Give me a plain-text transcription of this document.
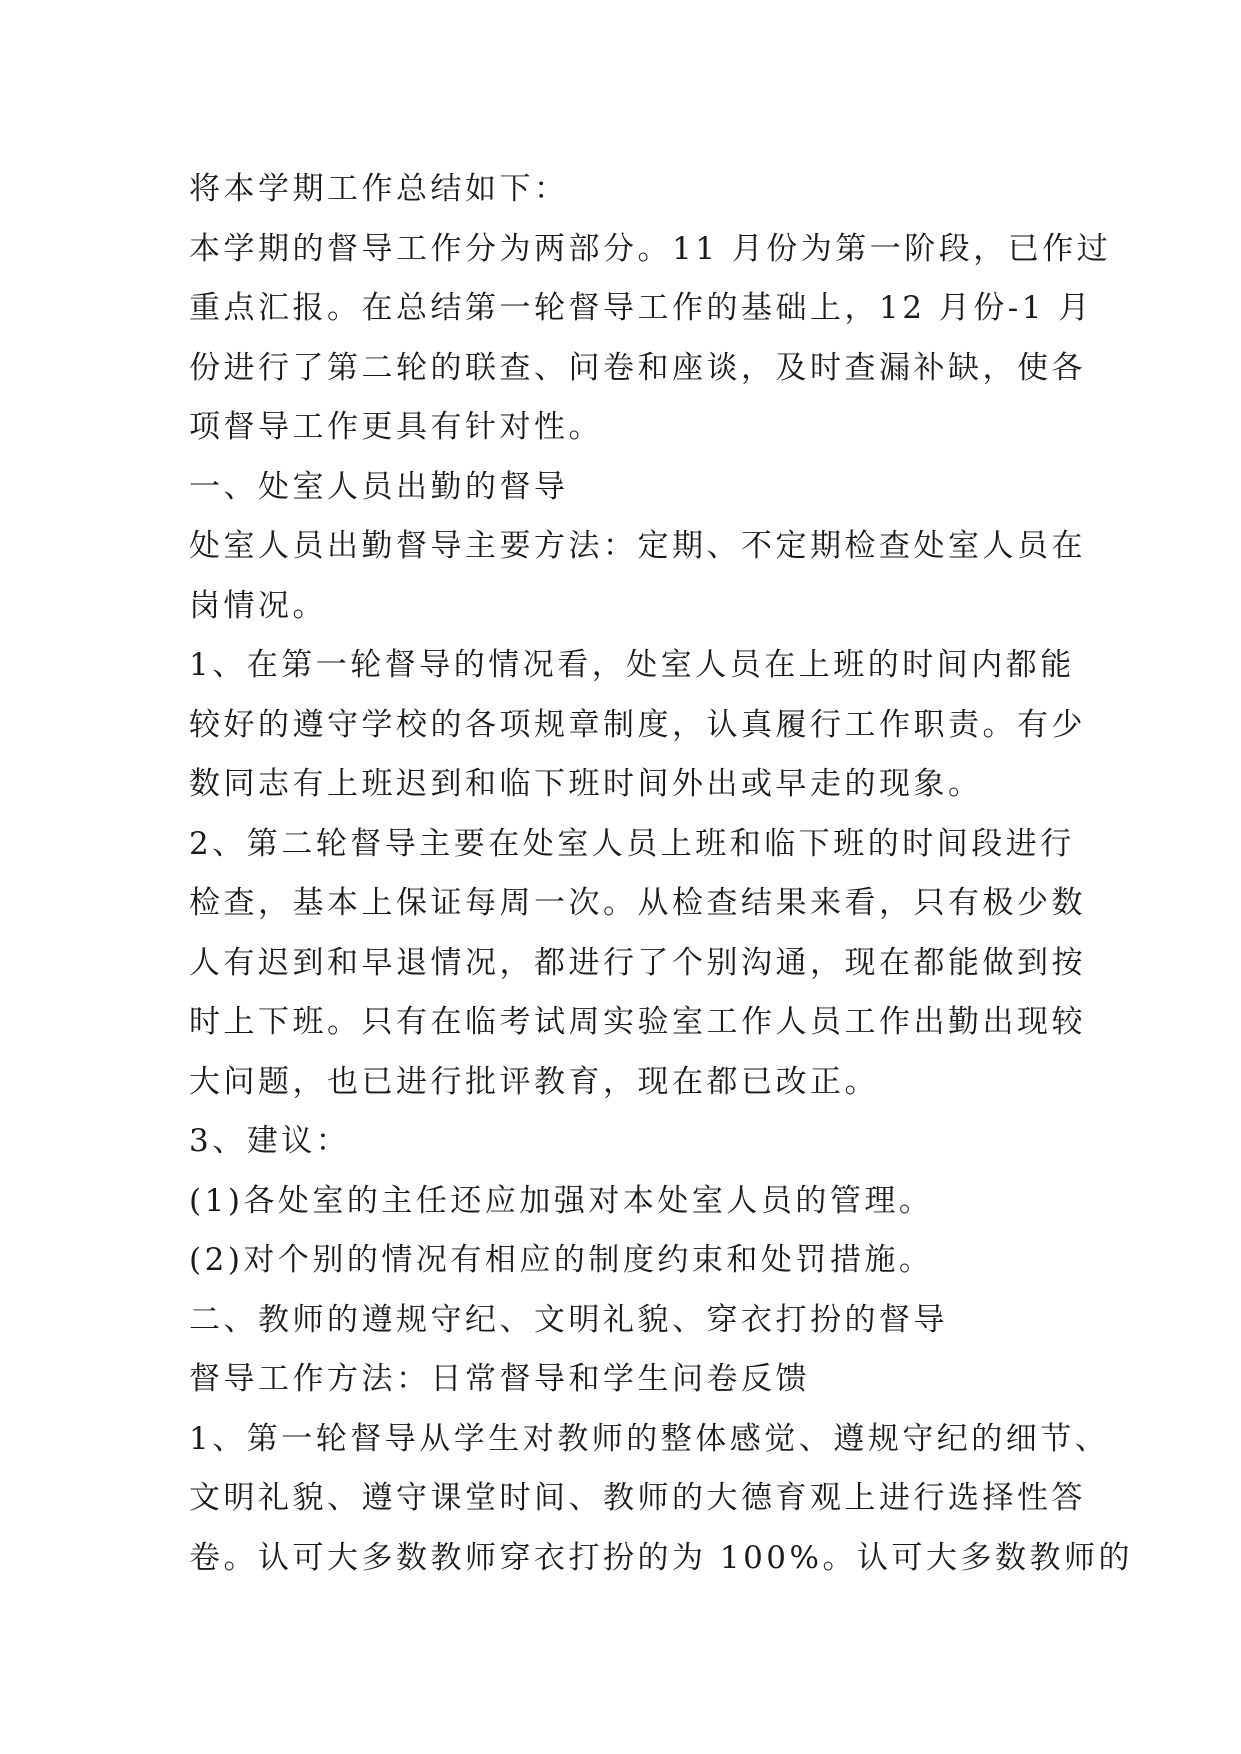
将本学期工作总结如下：

本学期的督导工作分为两部分。11 月份为第一阶段，已作过

重点汇报。在总结第一轮督导工作的基础上，12 月份-1 月

份进行了第二轮的联查、问卷和座谈，及时查漏补缺，使各

项督导工作更具有针对性。

一、处室人员出勤的督导

处室人员出勤督导主要方法：定期、不定期检查处室人员在

岗情况。

1、在第一轮督导的情况看，处室人员在上班的时间内都能

较好的遵守学校的各项规章制度，认真履行工作职责。有少

数同志有上班迟到和临下班时间外出或早走的现象。

2、第二轮督导主要在处室人员上班和临下班的时间段进行

检查，基本上保证每周一次。从检查结果来看，只有极少数

人有迟到和早退情况，都进行了个别沟通，现在都能做到按

时上下班。只有在临考试周实验室工作人员工作出勤出现较

大问题，也已进行批评教育，现在都已改正。

3、建议：

(1)各处室的主任还应加强对本处室人员的管理。

(2)对个别的情况有相应的制度约束和处罚措施。

二、教师的遵规守纪、文明礼貌、穿衣打扮的督导

督导工作方法：日常督导和学生问卷反馈

1、第一轮督导从学生对教师的整体感觉、遵规守纪的细节、

文明礼貌、遵守课堂时间、教师的大德育观上进行选择性答

卷。认可大多数教师穿衣打扮的为 100%。认可大多数教师的
